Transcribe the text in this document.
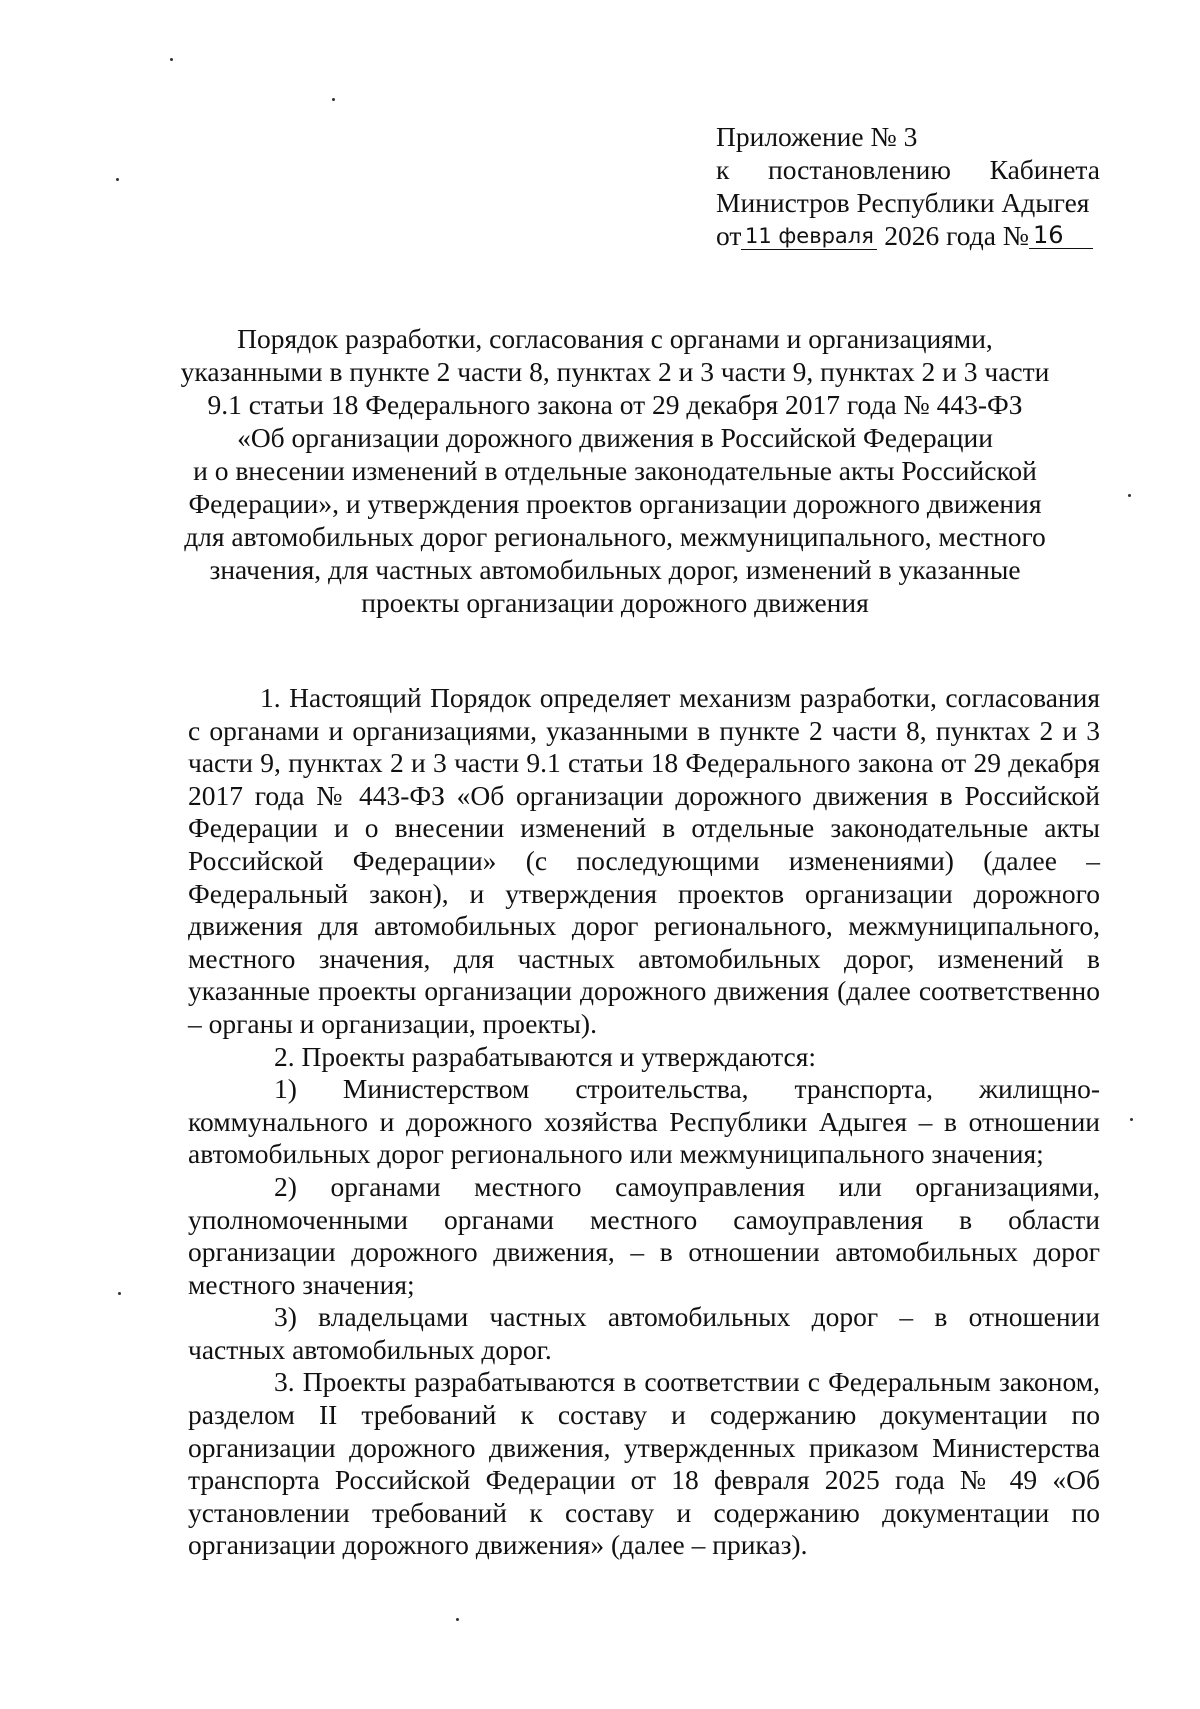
Приложение № 3
к постановлению Кабинета
Министров Республики Адыгея
от 11 февраля 2026 года № 16
Порядок разработки, согласования с органами и организациями,
указанными в пункте 2 части 8, пунктах 2 и 3 части 9, пунктах 2 и 3 части
9.1 статьи 18 Федерального закона от 29 декабря 2017 года № 443-ФЗ
«Об организации дорожного движения в Российской Федерации
и о внесении изменений в отдельные законодательные акты Российской
Федерации», и утверждения проектов организации дорожного движения
для автомобильных дорог регионального, межмуниципального, местного
значения, для частных автомобильных дорог, изменений в указанные
проекты организации дорожного движения

1. Настоящий Порядок определяет механизм разработки, согласования с органами и организациями, указанными в пункте 2 части 8, пунктах 2 и 3 части 9, пунктах 2 и 3 части 9.1 статьи 18 Федерального закона от 29 декабря 2017 года № 443-ФЗ «Об организации дорожного движения в Российской Федерации и о внесении изменений в отдельные законодательные акты Российской Федерации» (с последующими изменениями) (далее – Федеральный закон), и утверждения проектов организации дорожного движения для автомобильных дорог регионального, межмуниципального, местного значения, для частных автомобильных дорог, изменений в указанные проекты организации дорожного движения (далее соответственно – органы и организации, проекты).

2. Проекты разрабатываются и утверждаются:

1) Министерством строительства, транспорта, жилищно-коммунального и дорожного хозяйства Республики Адыгея – в отношении автомобильных дорог регионального или межмуниципального значения;

2) органами местного самоуправления или организациями, уполномоченными органами местного самоуправления в области организации дорожного движения, – в отношении автомобильных дорог местного значения;

3) владельцами частных автомобильных дорог – в отношении частных автомобильных дорог.

3. Проекты разрабатываются в соответствии с Федеральным законом, разделом II требований к составу и содержанию документации по организации дорожного движения, утвержденных приказом Министерства транспорта Российской Федерации от 18 февраля 2025 года № 49 «Об установлении требований к составу и содержанию документации по организации дорожного движения» (далее – приказ).
